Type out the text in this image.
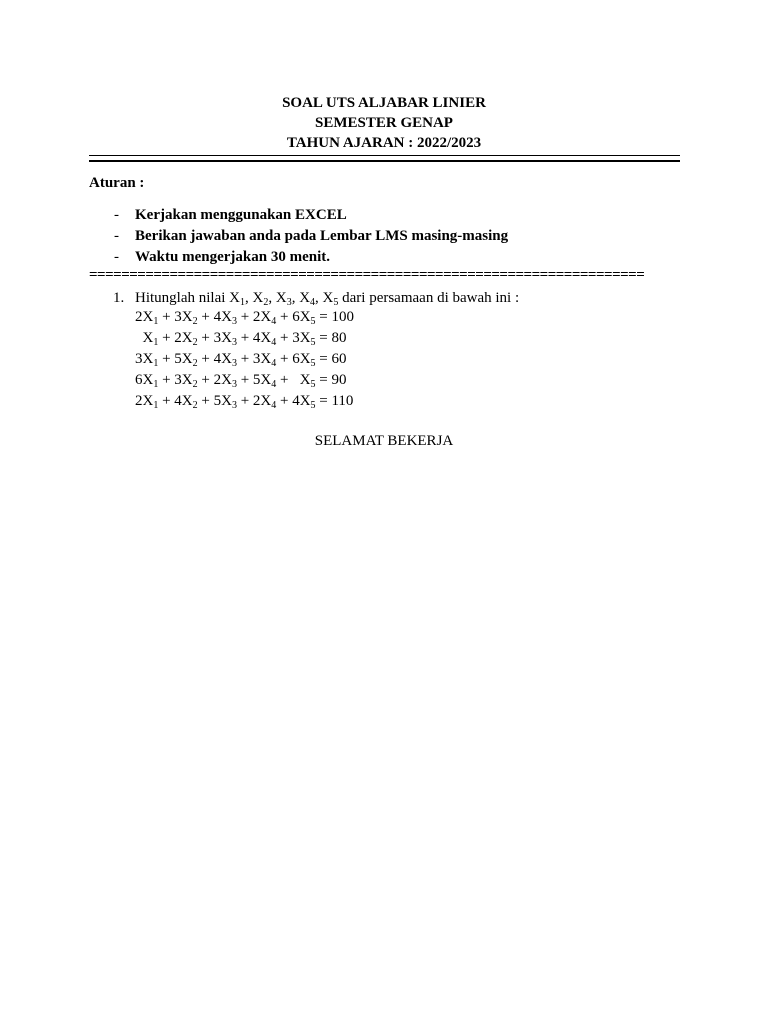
SOAL UTS ALJABAR LINIER
SEMESTER GENAP
TAHUN AJARAN : 2022/2023
Aturan :
- Kerjakan menggunakan EXCEL
- Berikan jawaban anda pada Lembar LMS masing-masing
- Waktu mengerjakan 30 menit.
=====================================================================
1. Hitunglah nilai $X_1$, $X_2$, $X_3$, $X_4$, $X_5$ dari persamaan di bawah ini :
$2X_1 + 3X_2 + 4X_3 + 2X_4 + 6X_5 = 100$
$X_1 + 2X_2 + 3X_3 + 4X_4 + 3X_5 = 80$
$3X_1 + 5X_2 + 4X_3 + 3X_4 + 6X_5 = 60$
$6X_1 + 3X_2 + 2X_3 + 5X_4 + X_5 = 90$
$2X_1 + 4X_2 + 5X_3 + 2X_4 + 4X_5 = 110$
SELAMAT BEKERJA
